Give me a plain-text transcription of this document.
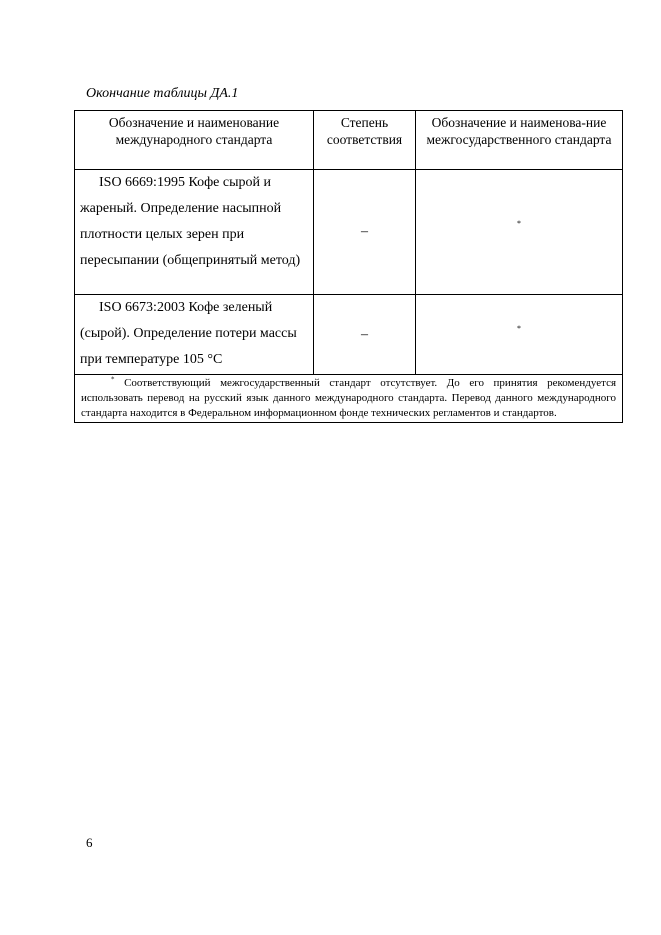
Окончание таблицы ДА.1
Обозначение и наименование международного стандарта	Степень соответствия	Обозначение и наименова-ние межгосударственного стандарта

ISO 6669:1995 Кофе сырой и жареный. Определение насыпной плотности целых зерен при пересыпании (общепринятый метод)	–	*
ISO 6673:2003 Кофе зеленый (сырой). Определение потери массы при температуре 105 °С	–	*
* Соответствующий межгосударственный стандарт отсутствует. До его принятия рекомендуется использовать перевод на русский язык данного международного стандарта. Перевод данного международного стандарта находится в Федеральном информационном фонде технических регламентов и стандартов.		
6
